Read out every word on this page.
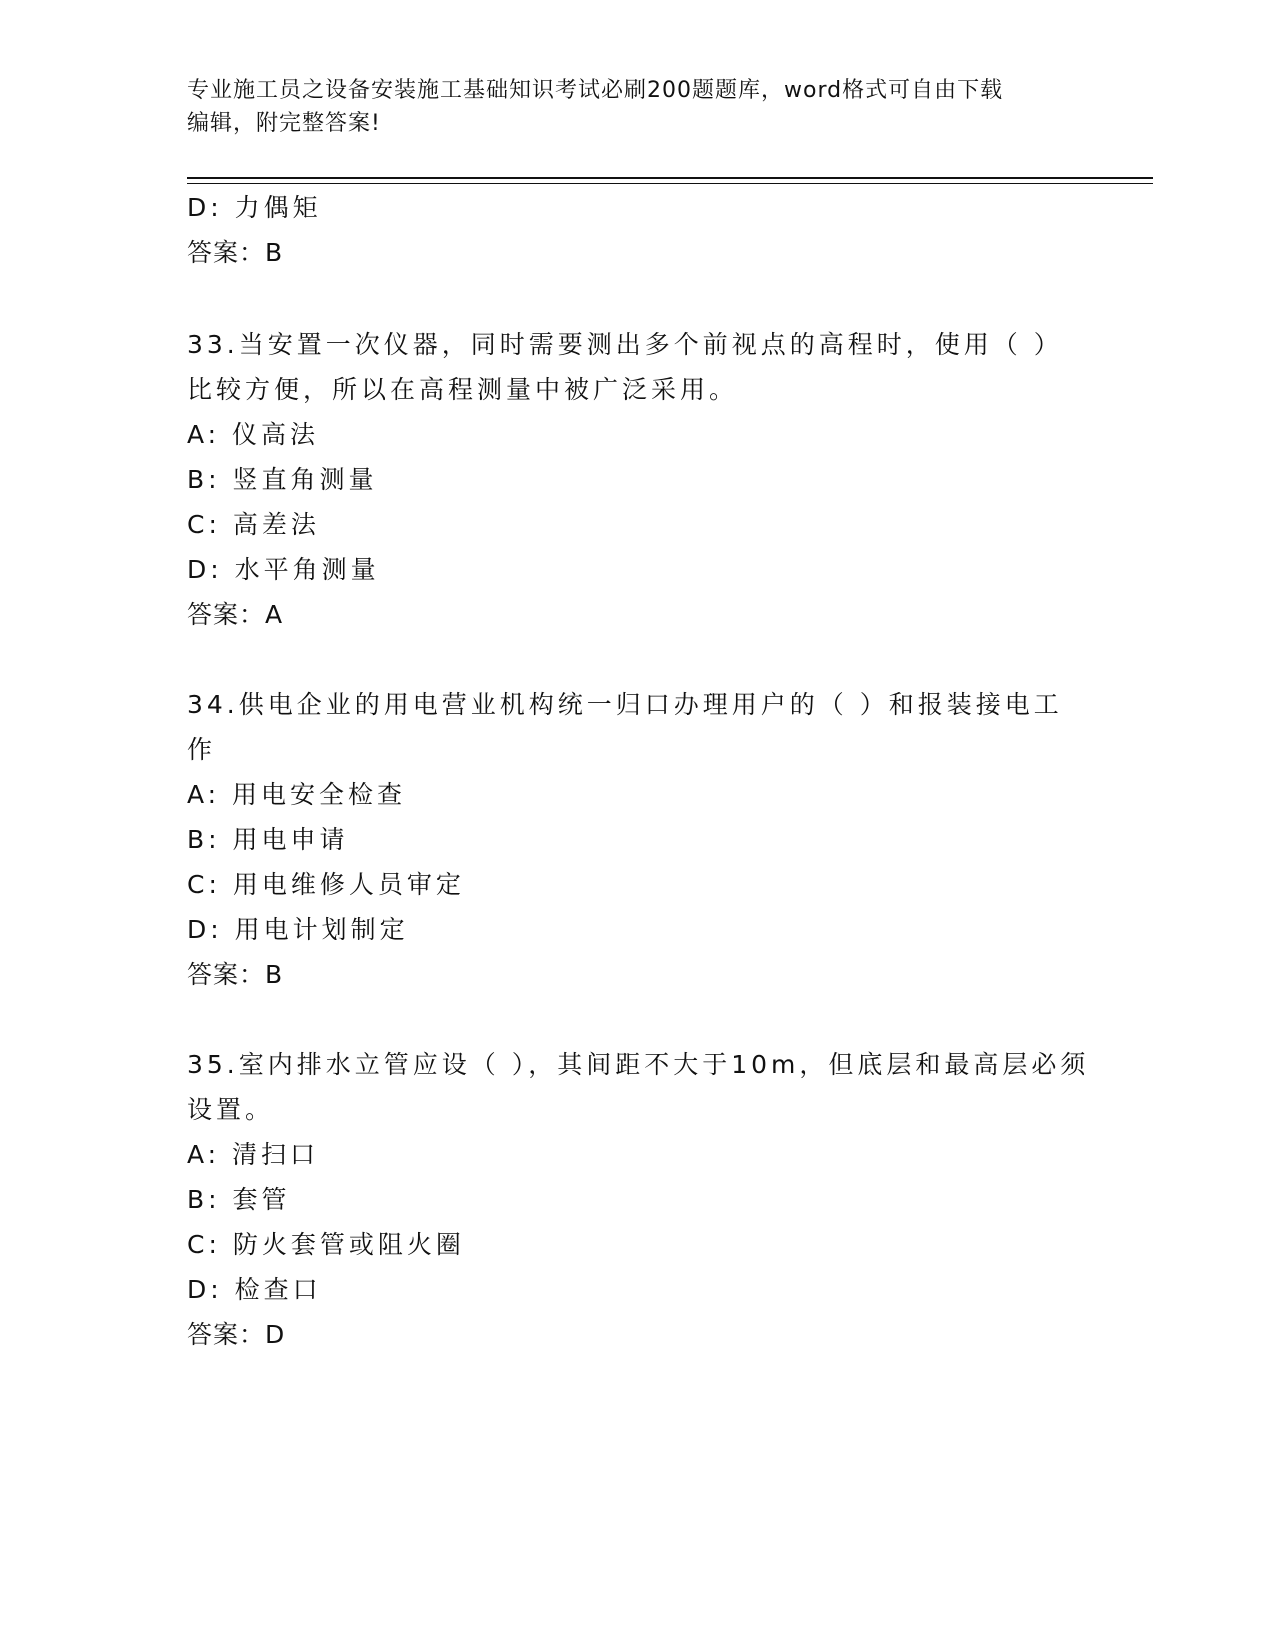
专业施工员之设备安装施工基础知识考试必刷200题题库，word格式可自由下载
编辑，附完整答案!
D: 力偶矩
答案：B
33.当安置一次仪器，同时需要测出多个前视点的高程时，使用（ ）
比较方便，所以在高程测量中被广泛采用。
A: 仪高法
B: 竖直角测量
C: 高差法
D: 水平角测量
答案：A
34.供电企业的用电营业机构统一归口办理用户的（ ）和报装接电工
作
A: 用电安全检查
B: 用电申请
C: 用电维修人员审定
D: 用电计划制定
答案：B
35.室内排水立管应设（ ），其间距不大于10m，但底层和最高层必须
设置。
A: 清扫口
B: 套管
C: 防火套管或阻火圈
D: 检查口
答案：D
